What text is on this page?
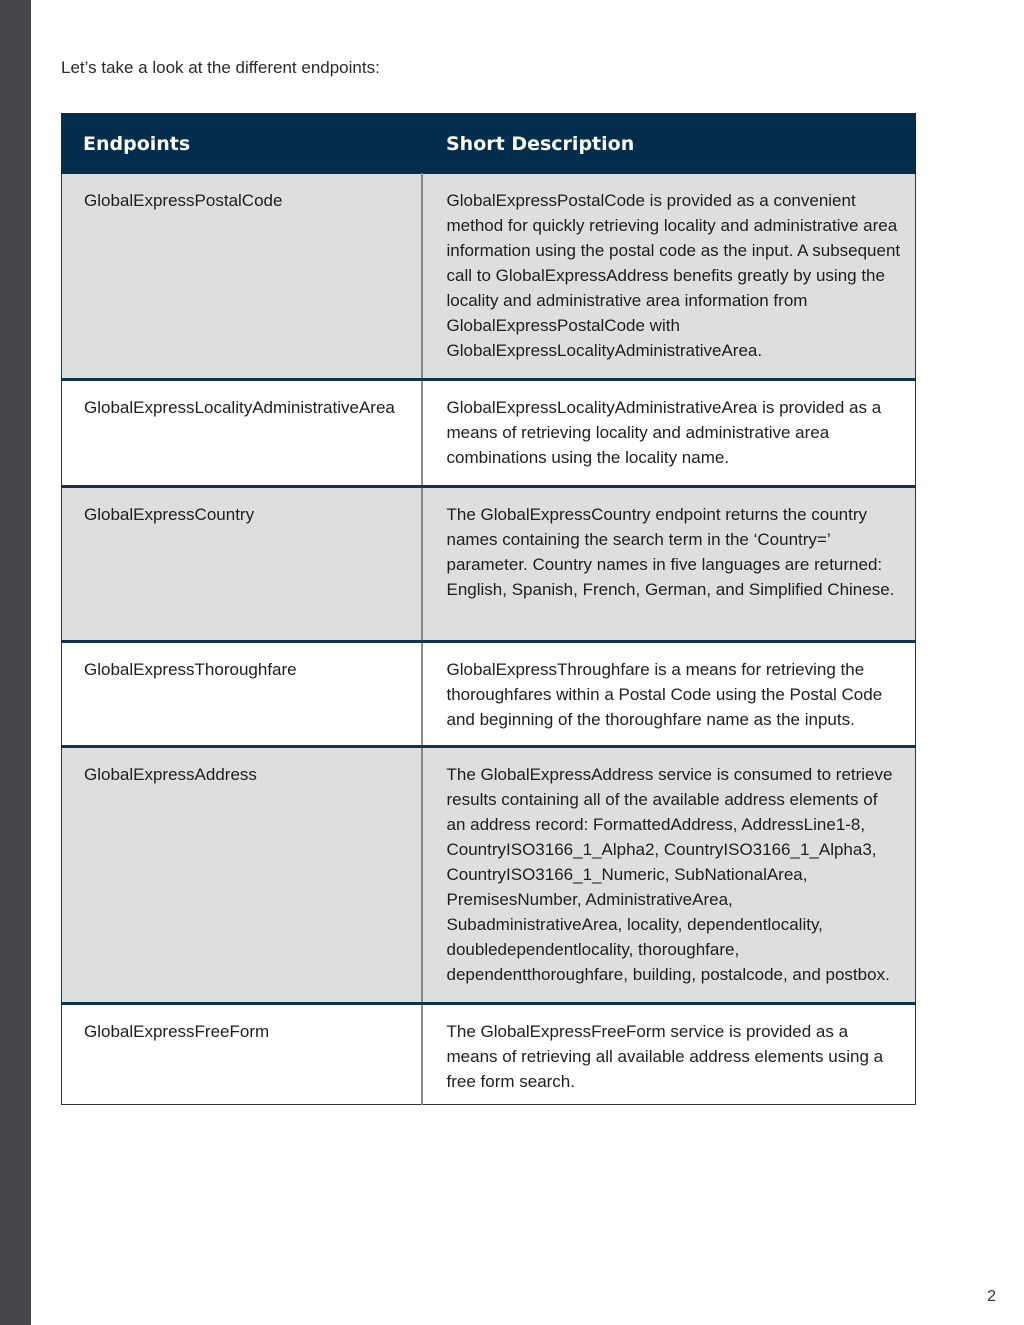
Let’s take a look at the different endpoints:

Endpoints	Short Description
GlobalExpressPostalCode	GlobalExpressPostalCode is provided as a convenient method for quickly retrieving locality and administrative area information using the postal code as the input. A subsequent call to GlobalExpressAddress benefits greatly by using the locality and administrative area information from GlobalExpressPostalCode with GlobalExpressLocalityAdministrativeArea.
GlobalExpressLocalityAdministrativeArea	GlobalExpressLocalityAdministrativeArea is provided as a means of retrieving locality and administrative area combinations using the locality name.
GlobalExpressCountry	The GlobalExpressCountry endpoint returns the country names containing the search term in the ‘Country=’ parameter. Country names in five languages are returned: English, Spanish, French, German, and Simplified Chinese.
GlobalExpressThoroughfare	GlobalExpressThroughfare is a means for retrieving the thoroughfares within a Postal Code using the Postal Code and beginning of the thoroughfare name as the inputs.
GlobalExpressAddress	The GlobalExpressAddress service is consumed to retrieve results containing all of the available address elements of an address record: FormattedAddress, AddressLine1-8, CountryISO3166_1_Alpha2, CountryISO3166_1_Alpha3, CountryISO3166_1_Numeric, SubNationalArea, PremisesNumber, AdministrativeArea, SubadministrativeArea, locality, dependentlocality, doubledependentlocality, thoroughfare, dependentthoroughfare, building, postalcode, and postbox.
GlobalExpressFreeForm	The GlobalExpressFreeForm service is provided as a means of retrieving all available address elements using a free form search.
2
